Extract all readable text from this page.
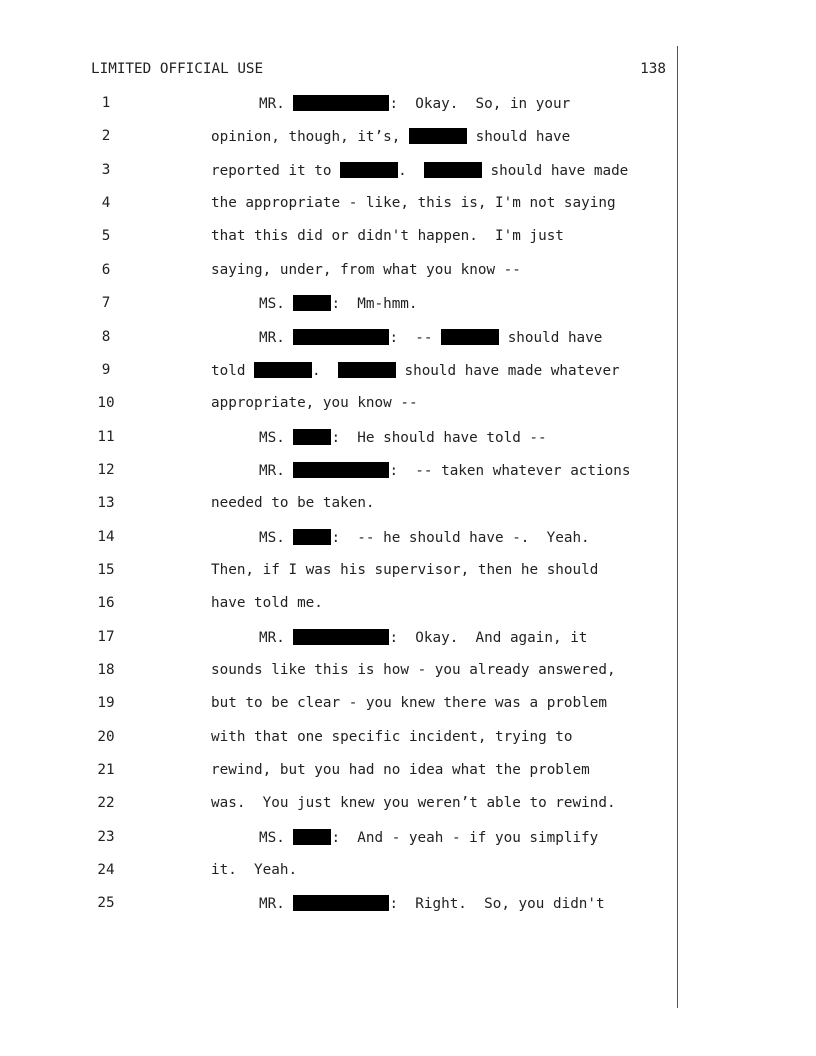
LIMITED OFFICIAL USE	138
1	MR.	:  Okay.  So, in your
2	opinion, though, it’s,	should have
3	reported it to	.	should have made
4	the appropriate - like, this is, I'm not saying
5	that this did or didn't happen.  I'm just
6	saying, under, from what you know --
7	MS.	:  Mm-hmm.
8	MR.	:  --	should have
9	told	.	should have made whatever
10	appropriate, you know --
11	MS.	:  He should have told --
12	MR.	:  -- taken whatever actions
13	needed to be taken.
14	MS.	:  -- he should have -.  Yeah.
15	Then, if I was his supervisor, then he should
16	have told me.
17	MR.	:  Okay.  And again, it
18	sounds like this is how - you already answered,
19	but to be clear - you knew there was a problem
20	with that one specific incident, trying to
21	rewind, but you had no idea what the problem
22	was.  You just knew you weren’t able to rewind.
23	MS.	:  And - yeah - if you simplify
24	it.  Yeah.
25	MR.	:  Right.  So, you didn't
